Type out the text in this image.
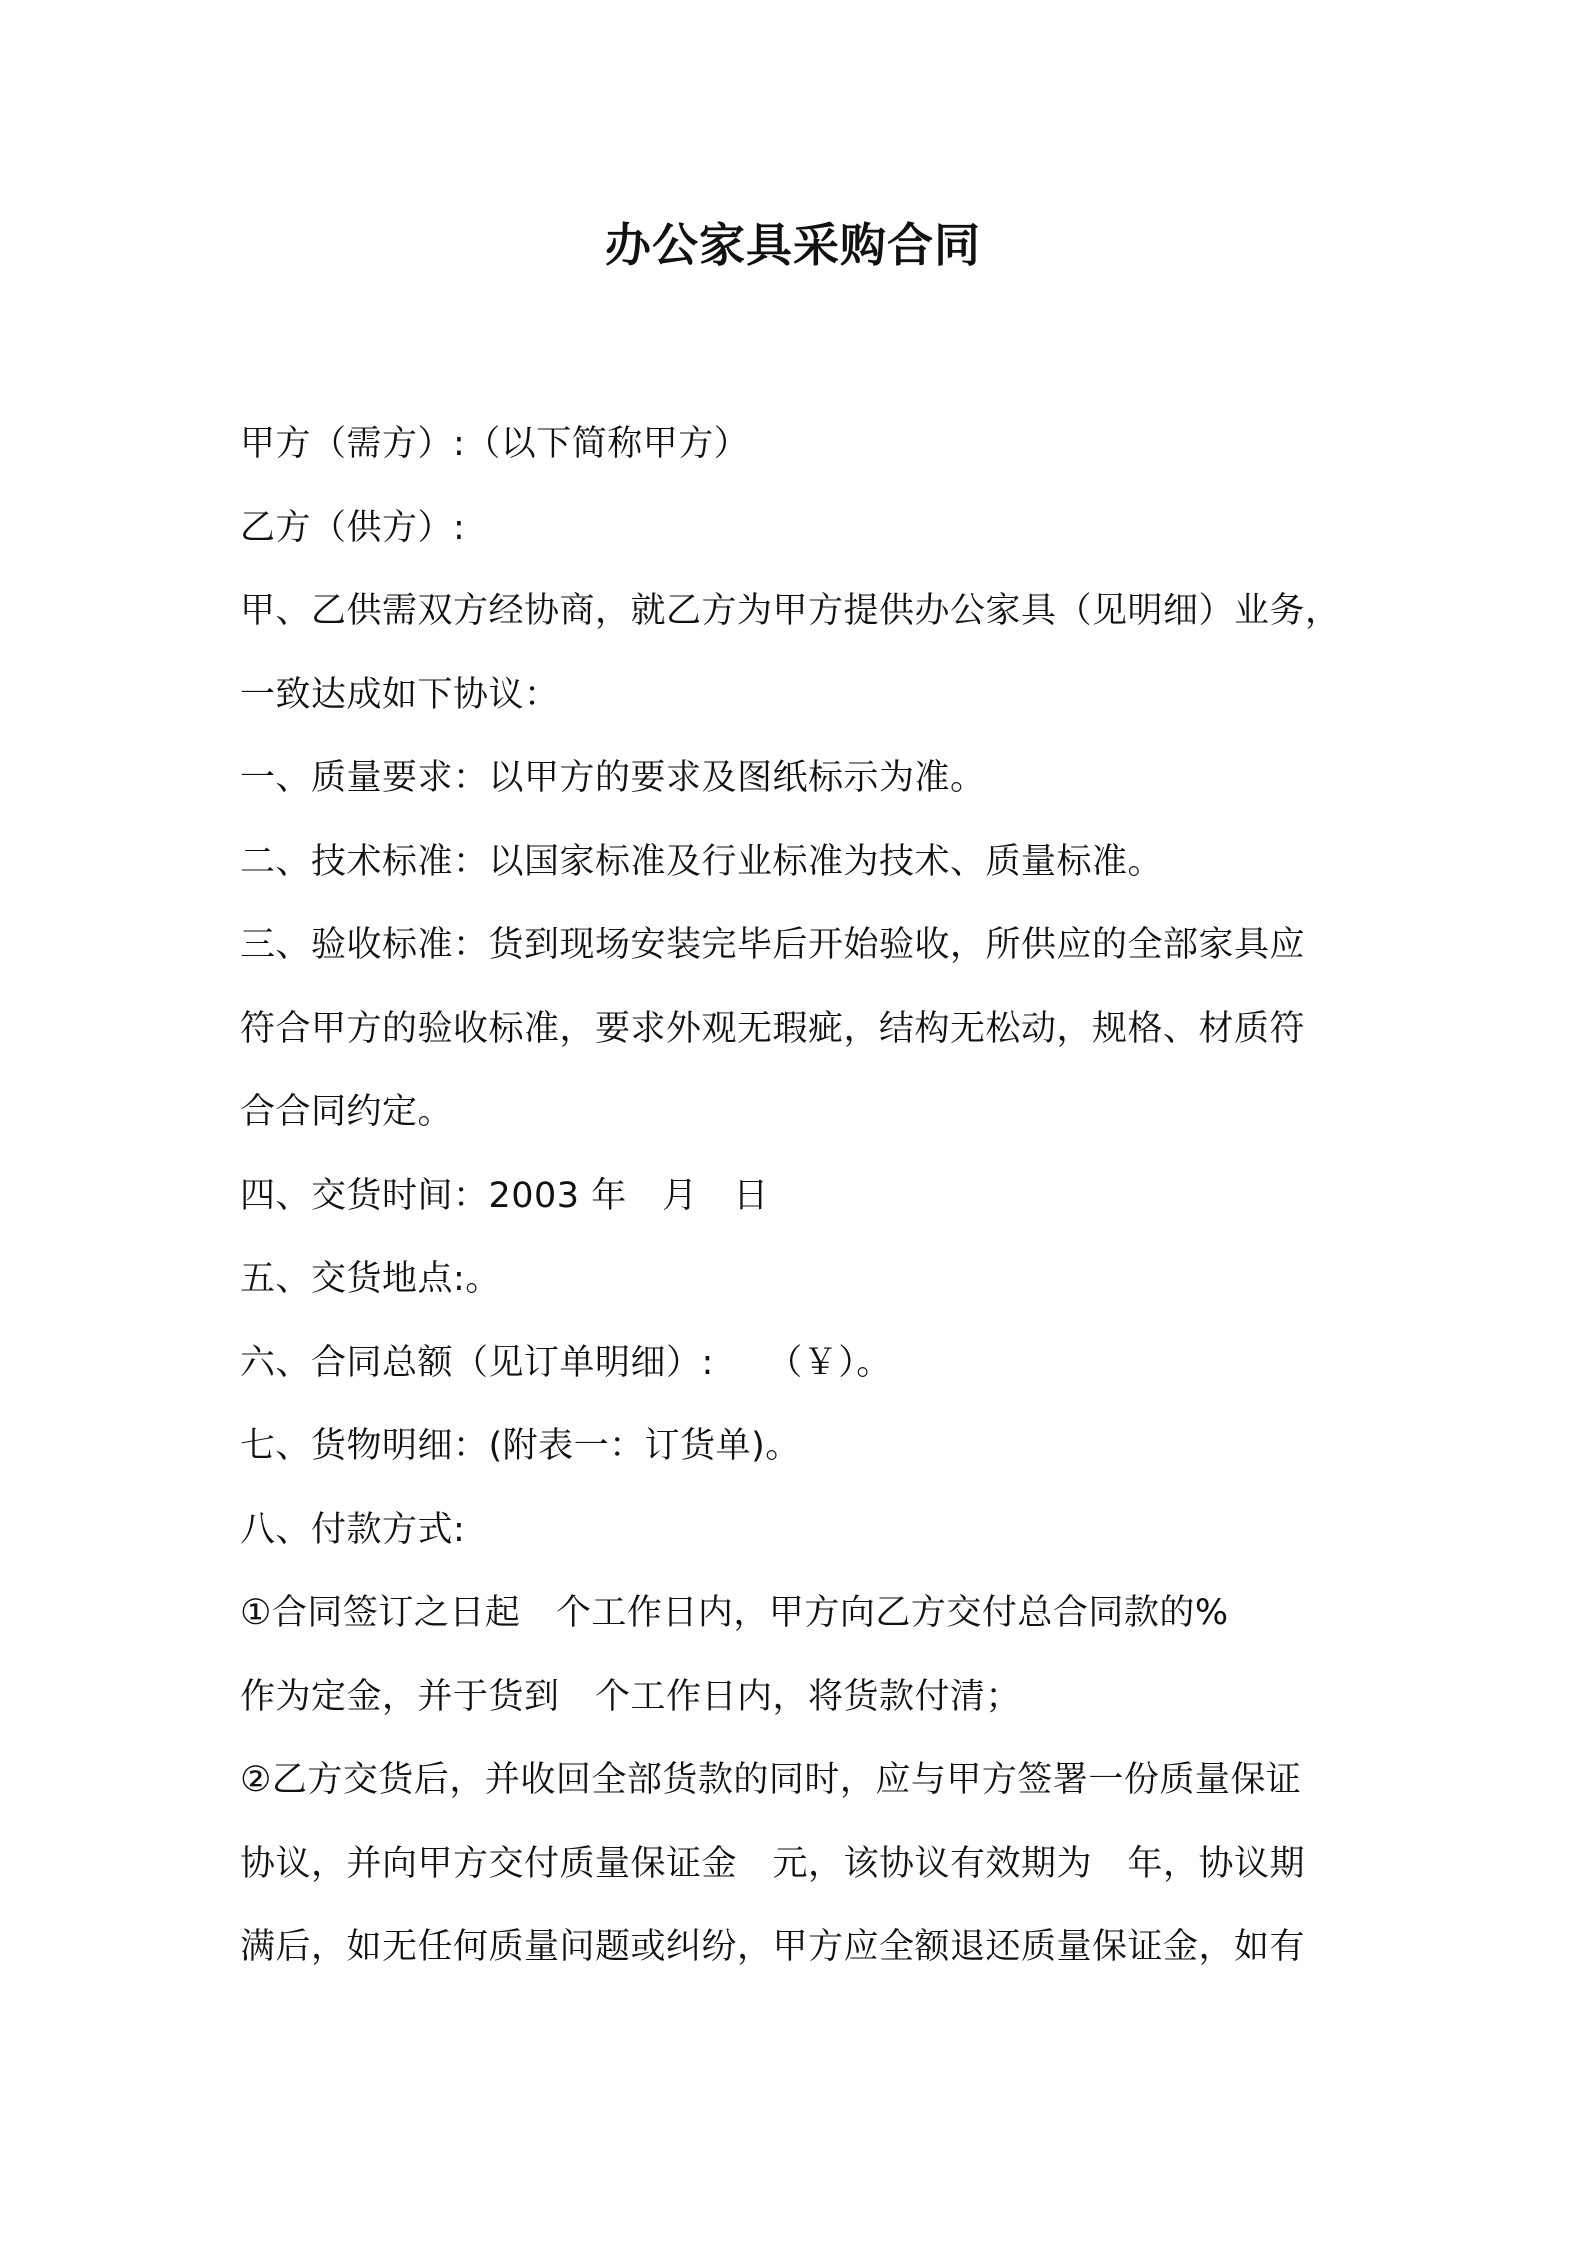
办公家具采购合同
甲方（需方）:（以下简称甲方）
乙方（供方）:
甲、乙供需双方经协商，就乙方为甲方提供办公家具（见明细）业务，
一致达成如下协议：
一、质量要求：以甲方的要求及图纸标示为准。
二、技术标准：以国家标准及行业标准为技术、质量标准。
三、验收标准：货到现场安装完毕后开始验收，所供应的全部家具应
符合甲方的验收标准，要求外观无瑕疵，结构无松动，规格、材质符
合合同约定。
四、交货时间：2003 年　月　日
五、交货地点:。
六、合同总额（见订单明细）:　　（￥）。
七、货物明细：(附表一：订货单)。
八、付款方式:
①合同签订之日起　个工作日内，甲方向乙方交付总合同款的%
作为定金，并于货到　个工作日内，将货款付清；
②乙方交货后，并收回全部货款的同时，应与甲方签署一份质量保证
协议，并向甲方交付质量保证金　元，该协议有效期为　年，协议期
满后，如无任何质量问题或纠纷，甲方应全额退还质量保证金，如有
